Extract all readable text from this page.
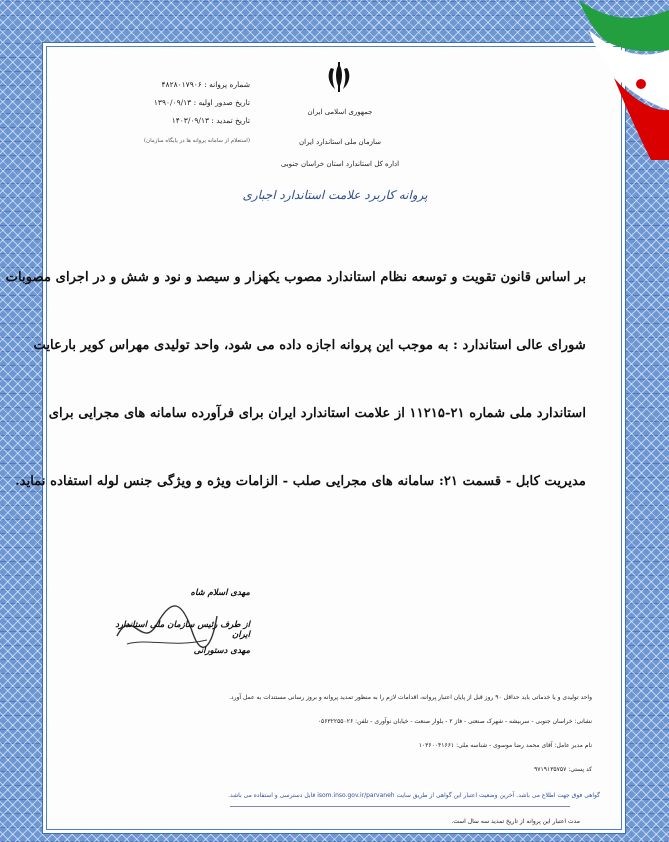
جمهوری اسلامی ایران
سازمان ملی استاندارد ایران
اداره کل استاندارد استان خراسان جنوبی
شماره پروانه : ۴۸۲۸۰۱۷۹۰۶
تاریخ صدور اولیه : ۱۳۹۰/۰۹/۱۳
تاریخ تمدید : ۱۴۰۳/۰۹/۱۳
(استعلام از سامانه پروانه ها در پایگاه سازمان)
پروانه کاربرد علامت استاندارد اجباری
بر اساس قانون تقویت و توسعه نظام استاندارد مصوب یکهزار و سیصد و نود و شش و در اجرای مصوبات
شورای عالی استاندارد : به موجب این پروانه اجازه داده می شود، واحد تولیدی مهراس کویر بارعایت
استاندارد ملی شماره ۲۱-۱۱۲۱۵ از علامت استاندارد ایران برای فرآورده سامانه های مجرایی برای
مدیریت کابل - قسمت ۲۱: سامانه های مجرایی صلب - الزامات ویژه و ویژگی جنس لوله استفاده نماید.
مهدی اسلام شاه
از طرف رئیس سازمان ملی استاندارد ایران
مهدی دستورانی
واحد تولیدی و یا خدماتی باید حداقل ۹۰ روز قبل از پایان اعتبار پروانه، اقدامات لازم را به منظور تمدید پروانه و بروز رسانی مستندات به عمل آورد.
نشانی: خراسان جنوبی - سربیشه - شهرک صنعتی - فاز ۲ - بلوار صنعت - خیابان نوآوری - تلفن: ۰۵۶۳۲۲۵۵۰۲۶
نام مدیر عامل: آقای محمد رضا موسوی - شناسه ملی: ۱۰۳۶۰۰۴۱۶۶۱
کد پستی: ۹۷۱۹۱۳۵۷۵۷
گواهی فوق جهت اطلاع می باشد. آخرین وضعیت اعتبار این گواهی از طریق سایت isom.inso.gov.ir/parvaneh قابل دسترسی و استفاده می باشد.
مدت اعتبار این پروانه از تاریخ تمدید سه سال است.
